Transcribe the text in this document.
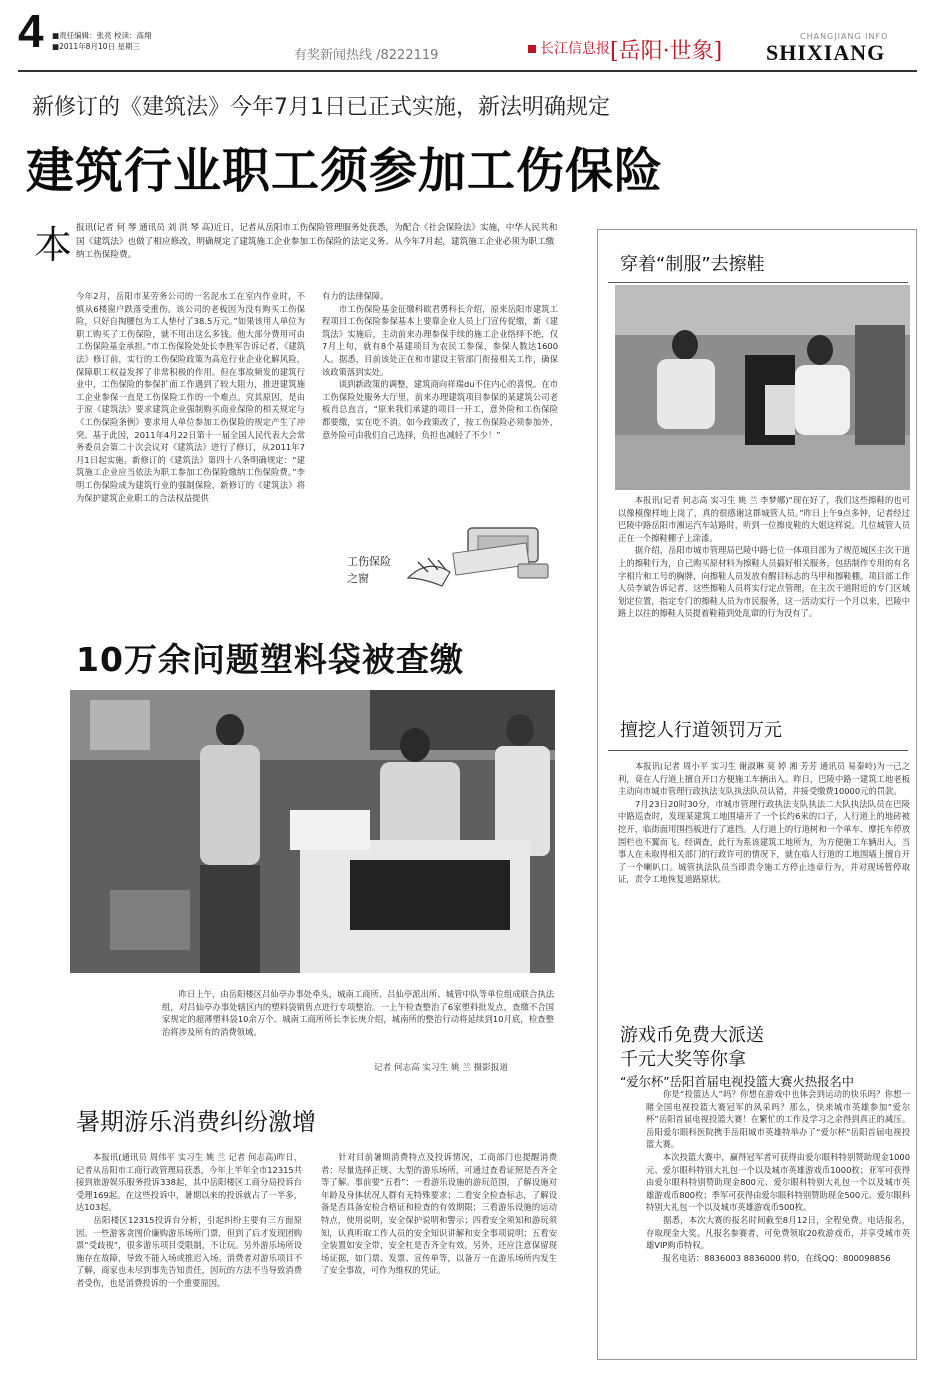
4 ■责任编辑：张亮 校读：高翔
■2011年8月10日 星期三
有奖新闻热线 /8222119	长江信息报 [岳阳·世象]
CHANGJIANG INFO
SHIXIANG
新修订的《建筑法》今年7月1日已正式实施，新法明确规定
建筑行业职工须参加工伤保险
本 报讯(记者 何 琴 通讯员 刘 洪 琴 高)近日，记者从岳阳市工伤保险管理服务处获悉，为配合《社会保险法》实施，中华人民共和国《建筑法》也做了相应修改，明确规定了建筑施工企业参加工伤保险的法定义务。从今年7月起，建筑施工企业必须为职工缴纳工伤保险费。
今年2月，岳阳市某劳务公司的一名泥水工在室内作业时，不慎从6楼窗户跌落受重伤。该公司的老板因为没有购买工伤保险，只好自掏腰包为工人垫付了38.5万元。”如果该用人单位为职工购买了工伤保险，就不用出这么多钱。他大部分费用可由工伤保险基金承担。”市工伤保险处处长李胜军告诉记者，《建筑法》修订前，实行的工伤保险政策为高危行业企业化解风险，保障职工权益发挥了非常积极的作用。但在事故频发的建筑行业中，工伤保险的参保扩面工作遇到了较大阻力，推进建筑施工企业参保一直是工伤保险工作的一个难点。究其原因，是由于原《建筑法》要求建筑企业强制购买商业保险的相关规定与《工伤保险条例》要求用人单位参加工伤保险的规定产生了冲突。基于此因，2011年4月22日第十一届全国人民代表大会常务委员会第二十次会议对《建筑法》进行了修订，从2011年7月1日起实施。新修订的《建筑法》第四十八条明确规定：“建筑施工企业应当依法为职工参加工伤保险缴纳工伤保险费。”李明工伤保险成为建筑行业的强制保险，新修订的《建筑法》将为保护建筑企业职工的合法权益提供
有力的法律保障。
　　市工伤保险基金征缴科欧君勇科长介绍，原来岳阳市建筑工程项目工伤保险参保基本上要靠企业人员上门宣传促缴，新《建筑法》实施后，主动前来办理参保手续的施工企业络绎不绝，仅7月上旬，就有8个基建项目为农民工参保，参保人数达1600人。据悉，目前该处正在和市建设主管部门衔接相关工作，确保该政策落到实处。
　　谈到新政策的调整，建筑商向祥瑞du不住内心的喜悦。在市工伤保险处服务大厅里，前来办理建筑项目参保的某建筑公司老板肖总直言，“原来我们承建的项目一开工，意外险和工伤保险都要缴，实在吃不消。如今政策改了，按工伤保险必须参加外，意外险可由我们自己选择，负担也减轻了不少！”
工伤保险
之窗
10万余问题塑料袋被查缴
　　昨日上午，由岳阳楼区吕仙亭办事处牵头，城南工商所、吕仙亭派出所、城管中队等单位组成联合执法组，对吕仙亭办事处辖区内的塑料袋销售点进行专项整治。一上午检查整治了6家塑料批发点，查缴不合国家规定的超薄塑料袋10余万个。城南工商所所长李长庚介绍，城南所的整治行动将延续到10月底，检查整治将涉及所有的消费领域。
记者 何志高 实习生 姚 兰 摄影报道
暑期游乐消费纠纷激增
　　本报讯(通讯员 周伟平 实习生 姚 兰 记者 何志高)昨日，记者从岳阳市工商行政管理局获悉，今年上半年全市12315共接到旅游娱乐服务投诉338起，其中岳阳楼区工商分局投诉台受理169起。在这些投诉中，暑期以来的投诉就占了一半多，达103起。
　　岳阳楼区12315投诉台分析，引起纠纷主要有三方面原因。一些游客贪图价廉购游乐场所门票，但到了后才发现团购票“受歧视”，很多游乐项目受限制，不让玩。另外游乐场所设施存在故障，导致不能入场或推迟入场。消费者对游乐项目不了解，商家也未尽到事先告知责任，因玩的方法不当导致消费者受伤，也是消费投诉的一个重要原因。
　　针对目前暑期消费特点及投诉情况，工商部门也提醒消费者：尽量选择正规、大型的游乐场所，可通过查看证照是否齐全等了解。事前要“五看”：一看游乐设施的游玩范围，了解设施对年龄及身体状况人群有无特殊要求；二看安全检查标志，了解设备是否具备安检合格证和检查的有效期限；三看游乐设施的运动特点，使用说明，安全保护说明和警示；四看安全须知和游玩须知，认真听取工作人员的安全知识讲解和安全事项说明；五看安全装置如安全带，安全杠是否齐全有效。另外，还应注意保留现场证据，如门票、发票、宣传单等，以备万一在游乐场所内发生了安全事故，可作为维权的凭证。
穿着“制服”去擦鞋
　　本报讯(记者 何志高 实习生 姚 兰 李梦娜)“现在好了，我们这些擦鞋的也可以像模像样地上岗了，真的很感谢这群城管人员。”昨日上午9点多钟，记者经过巴陵中路岳阳市湘运汽车站路时，听到一位擦皮鞋的大姐这样说。几位城管人员正在一个擦鞋棚子上涂漆。
　　据介绍，岳阳市城市管理局巴陵中路七位一体项目部为了规范城区主次干道上的擦鞋行为，自己购买原材料为擦鞋人员搞好相关服务，包括制作专用的有名字相片和工号的胸牌，向擦鞋人员发放有醒目标志的马甲和擦鞋棚。项目部工作人员李斌告诉记者，这些擦鞋人员将实行定点管理，在主次干道附近的专门区域划定位置，指定专门的擦鞋人员为市民服务，这一活动实行一个月以来，巴陵中路上以往的擦鞋人员提着鞋箱到处乱窜的行为没有了。
擅挖人行道领罚万元
　　本报讯(记者 周小平 实习生 谢淑琳 莫 婷 湘 芳芳 通讯员 易秦岭)为一己之利，竟在人行道上擅自开口方便施工车辆出入。昨日，巴陵中路一建筑工地老板主动向市城市管理行政执法支队执法队员认错，并接受缴费10000元的罚款。
　　7月23日20时30分，市城市管理行政执法支队执法二大队执法队员在巴陵中路巡查时，发现某建筑工地围墙开了一个长约6米的口子，人行道上的地砖被挖开，临街面用围挡板进行了遮挡。人行道上的行道树和一个单车、摩托车停放围栏也不翼而飞。经调查，此行为系该建筑工地所为，为方便施工车辆出入，当事人在未取得相关部门的行政许可的情况下，就在临人行道的工地围墙上擅自开了一个喇叭口。城管执法队员当即责令施工方停止违章行为，并对现场暂停取证，责令工地恢复道路原状。
游戏币免费大派送
千元大奖等你拿
“爱尔杯”岳阳首届电视投篮大赛火热报名中
　　你是“投篮达人”吗？你想在游戏中也体会到运动的快乐吗？你想一睹全国电视投篮大赛冠军的风采吗？那么，快来城市英雄参加“爱尔杯”岳阳首届电视投篮大赛！在繁忙的工作及学习之余得到真正的减压。岳阳爱尔眼科医院携手岳阳城市英雄特举办了“爱尔杯”岳阳首届电视投篮大赛。
　　本次投篮大赛中，赢得冠军者可获得由爱尔眼科特别赞助现金1000元、爱尔眼科特别大礼包一个以及城市英雄游戏币1000枚；亚军可获得由爱尔眼科特别赞助现金800元、爱尔眼科特别大礼包一个以及城市英雄游戏币800枚；季军可获得由爱尔眼科特别赞助现金500元、爱尔眼科特别大礼包一个以及城市英雄游戏币500枚。
　　据悉，本次大赛的报名时间截至8月12日，全程免费。电话报名，存取现金大奖。凡报名参赛者，可免费领取20枚游戏币，并享受城市英雄VIP购币特权。
　　报名电话：8836003 8836000 转0，在线QQ：800098856
